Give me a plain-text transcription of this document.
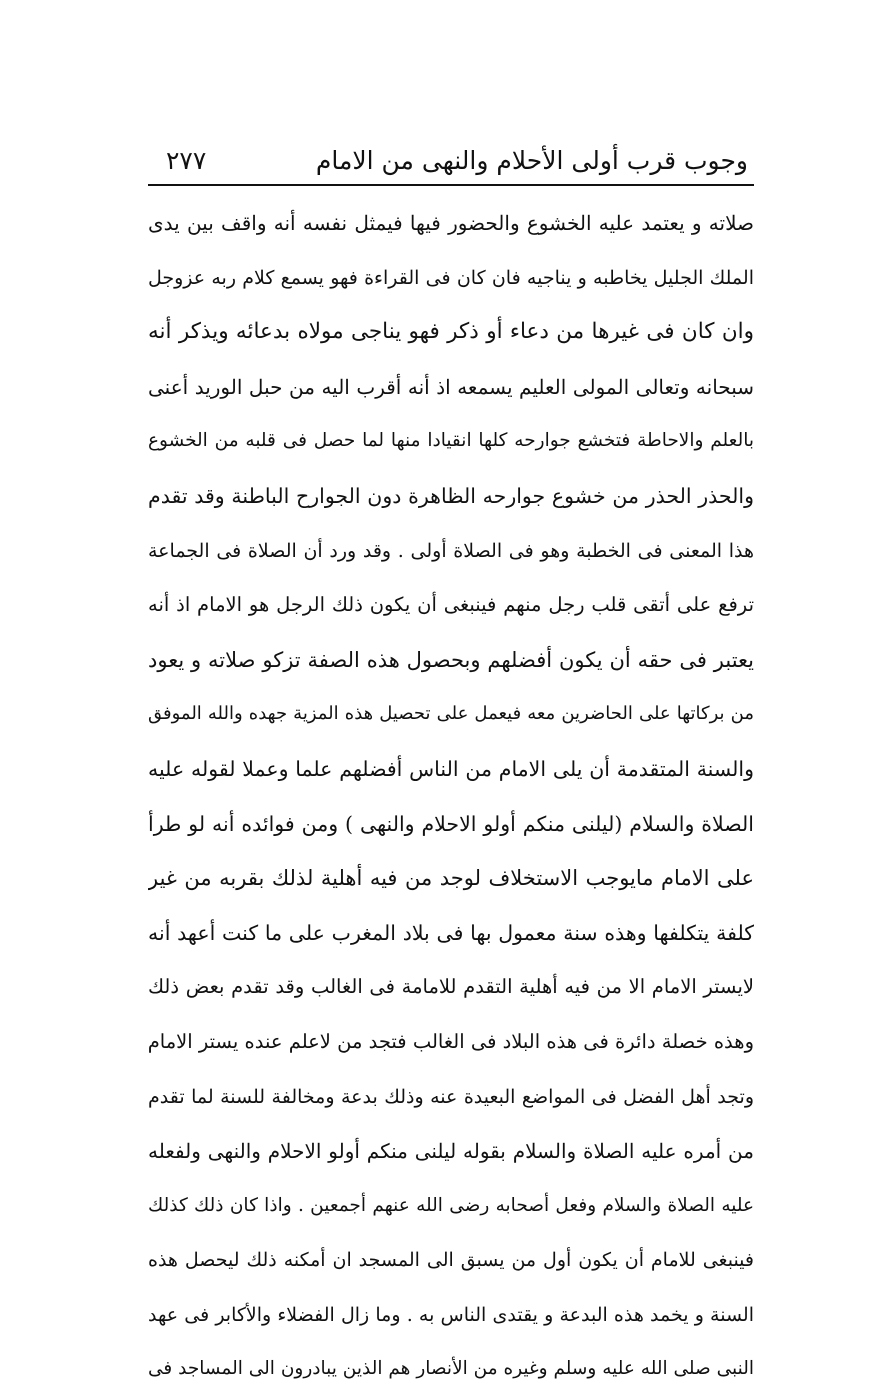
وجوب قرب أولى الأحلام والنهى من الامام
٢٧٧
صلاته و يعتمد عليه الخشوع والحضور فيها فيمثل نفسه أنه واقف بين يدى
الملك الجليل يخاطبه و يناجيه فان كان فى القراءة فهو يسمع كلام ربه عزوجل
وان كان فى غيرها من دعاء أو ذكر فهو يناجى مولاه بدعائه ويذكر أنه
سبحانه وتعالى المولى العليم يسمعه اذ أنه أقرب اليه من حبل الوريد أعنى
بالعلم والاحاطة فتخشع جوارحه كلها انقيادا منها لما حصل فى قلبه من الخشوع
والحذر الحذر من خشوع جوارحه الظاهرة دون الجوارح الباطنة وقد تقدم
هذا المعنى فى الخطبة وهو فى الصلاة أولى . وقد ورد أن الصلاة فى الجماعة
ترفع على أتقى قلب رجل منهم فينبغى أن يكون ذلك الرجل هو الامام اذ أنه
يعتبر فى حقه أن يكون أفضلهم وبحصول هذه الصفة تزكو صلاته و يعود
من بركاتها على الحاضرين معه فيعمل على تحصيل هذه المزية جهده والله الموفق
والسنة المتقدمة أن يلى الامام من الناس أفضلهم علما وعملا لقوله عليه
الصلاة والسلام (ليلنى منكم أولو الاحلام والنهى ) ومن فوائده أنه لو طرأ
على الامام مايوجب الاستخلاف لوجد من فيه أهلية لذلك بقربه من غير
كلفة يتكلفها وهذه سنة معمول بها فى بلاد المغرب على ما كنت أعهد أنه
لايستر الامام الا من فيه أهلية التقدم للامامة فى الغالب وقد تقدم بعض ذلك
وهذه خصلة دائرة فى هذه البلاد فى الغالب فتجد من لاعلم عنده يستر الامام
وتجد أهل الفضل فى المواضع البعيدة عنه وذلك بدعة ومخالفة للسنة لما تقدم
من أمره عليه الصلاة والسلام بقوله ليلنى منكم أولو الاحلام والنهى ولفعله
عليه الصلاة والسلام وفعل أصحابه رضى الله عنهم أجمعين . واذا كان ذلك كذلك
فينبغى للامام أن يكون أول من يسبق الى المسجد ان أمكنه ذلك ليحصل هذه
السنة و يخمد هذه البدعة و يقتدى الناس به . وما زال الفضلاء والأكابر فى عهد
النبى صلى الله عليه وسلم وغيره من الأنصار هم الذين يبادرون الى المساجد فى
